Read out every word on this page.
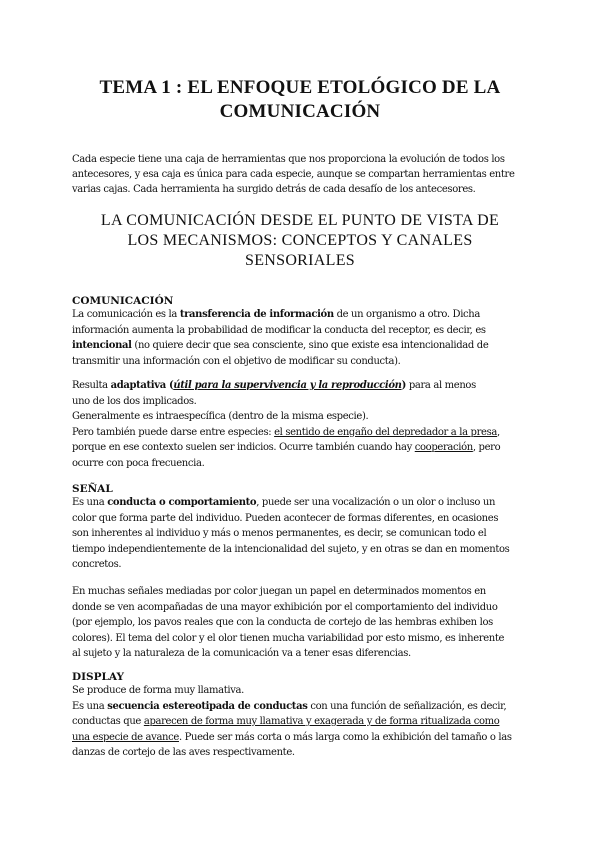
TEMA 1 : EL ENFOQUE ETOLÓGICO DE LA
COMUNICACIÓN
Cada especie tiene una caja de herramientas que nos proporciona la evolución de todos los
antecesores, y esa caja es única para cada especie, aunque se compartan herramientas entre
varias cajas. Cada herramienta ha surgido detrás de cada desafío de los antecesores.
LA COMUNICACIÓN DESDE EL PUNTO DE VISTA DE
LOS MECANISMOS: CONCEPTOS Y CANALES
SENSORIALES
COMUNICACIÓN
La comunicación es la transferencia de información de un organismo a otro. Dicha
información aumenta la probabilidad de modificar la conducta del receptor, es decir, es
intencional (no quiere decir que sea consciente, sino que existe esa intencionalidad de
transmitir una información con el objetivo de modificar su conducta).
Resulta adaptativa (útil para la supervivencia y la reproducción) para al menos
uno de los dos implicados.
Generalmente es intraespecífica (dentro de la misma especie).
Pero también puede darse entre especies: el sentido de engaño del depredador a la presa,
porque en ese contexto suelen ser indicios. Ocurre también cuando hay cooperación, pero
ocurre con poca frecuencia.
SEÑAL
Es una conducta o comportamiento, puede ser una vocalización o un olor o incluso un
color que forma parte del individuo. Pueden acontecer de formas diferentes, en ocasiones
son inherentes al individuo y más o menos permanentes, es decir, se comunican todo el
tiempo independientemente de la intencionalidad del sujeto, y en otras se dan en momentos
concretos.
En muchas señales mediadas por color juegan un papel en determinados momentos en
donde se ven acompañadas de una mayor exhibición por el comportamiento del individuo
(por ejemplo, los pavos reales que con la conducta de cortejo de las hembras exhiben los
colores). El tema del color y el olor tienen mucha variabilidad por esto mismo, es inherente
al sujeto y la naturaleza de la comunicación va a tener esas diferencias.
DISPLAY
Se produce de forma muy llamativa.
Es una secuencia estereotipada de conductas con una función de señalización, es decir,
conductas que aparecen de forma muy llamativa y exagerada y de forma ritualizada como
una especie de avance. Puede ser más corta o más larga como la exhibición del tamaño o las
danzas de cortejo de las aves respectivamente.
